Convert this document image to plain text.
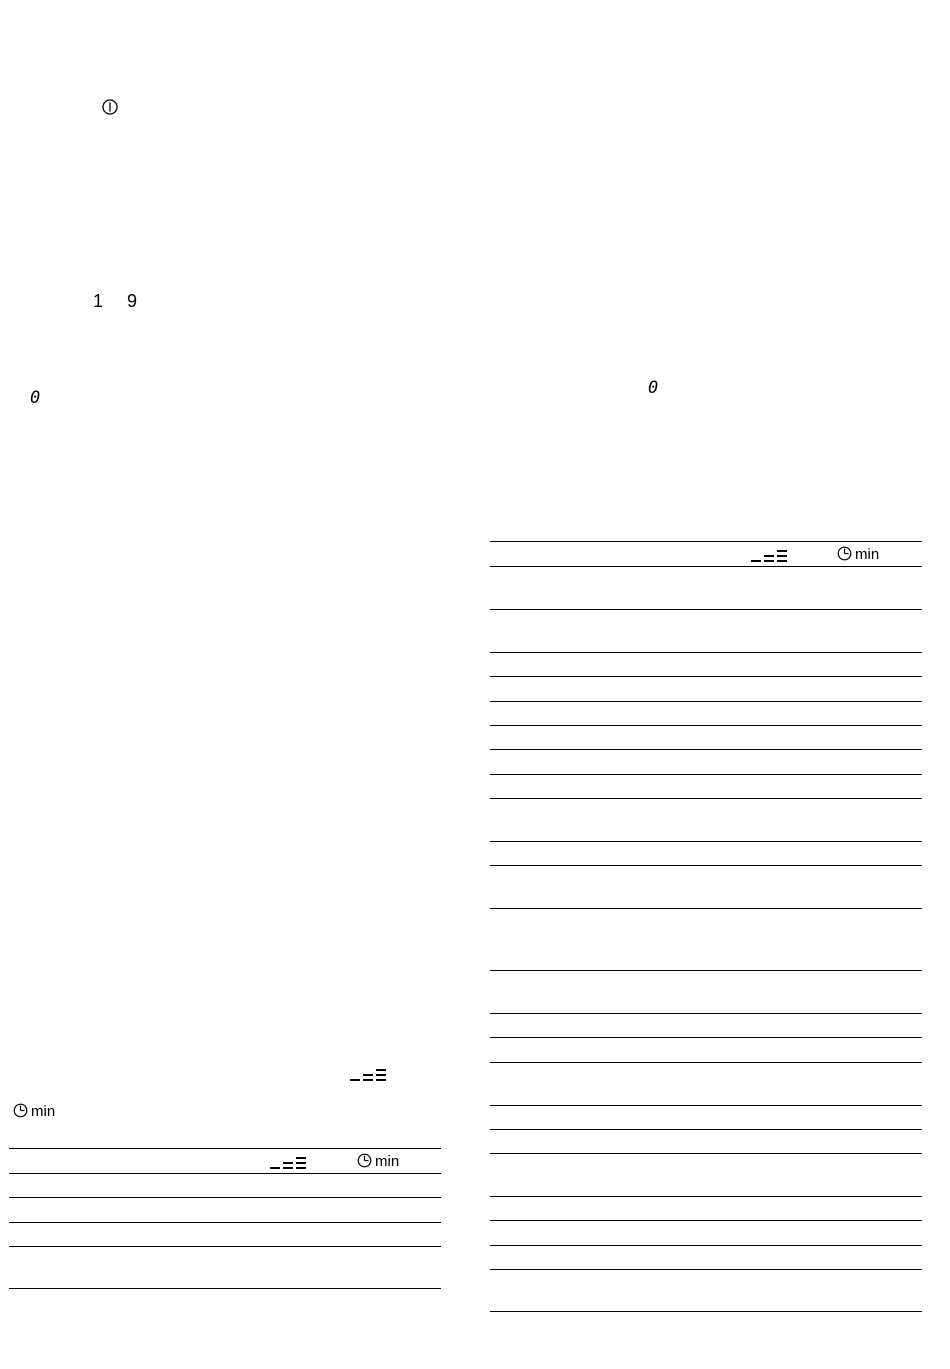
1 9
0	0
min
min
min
